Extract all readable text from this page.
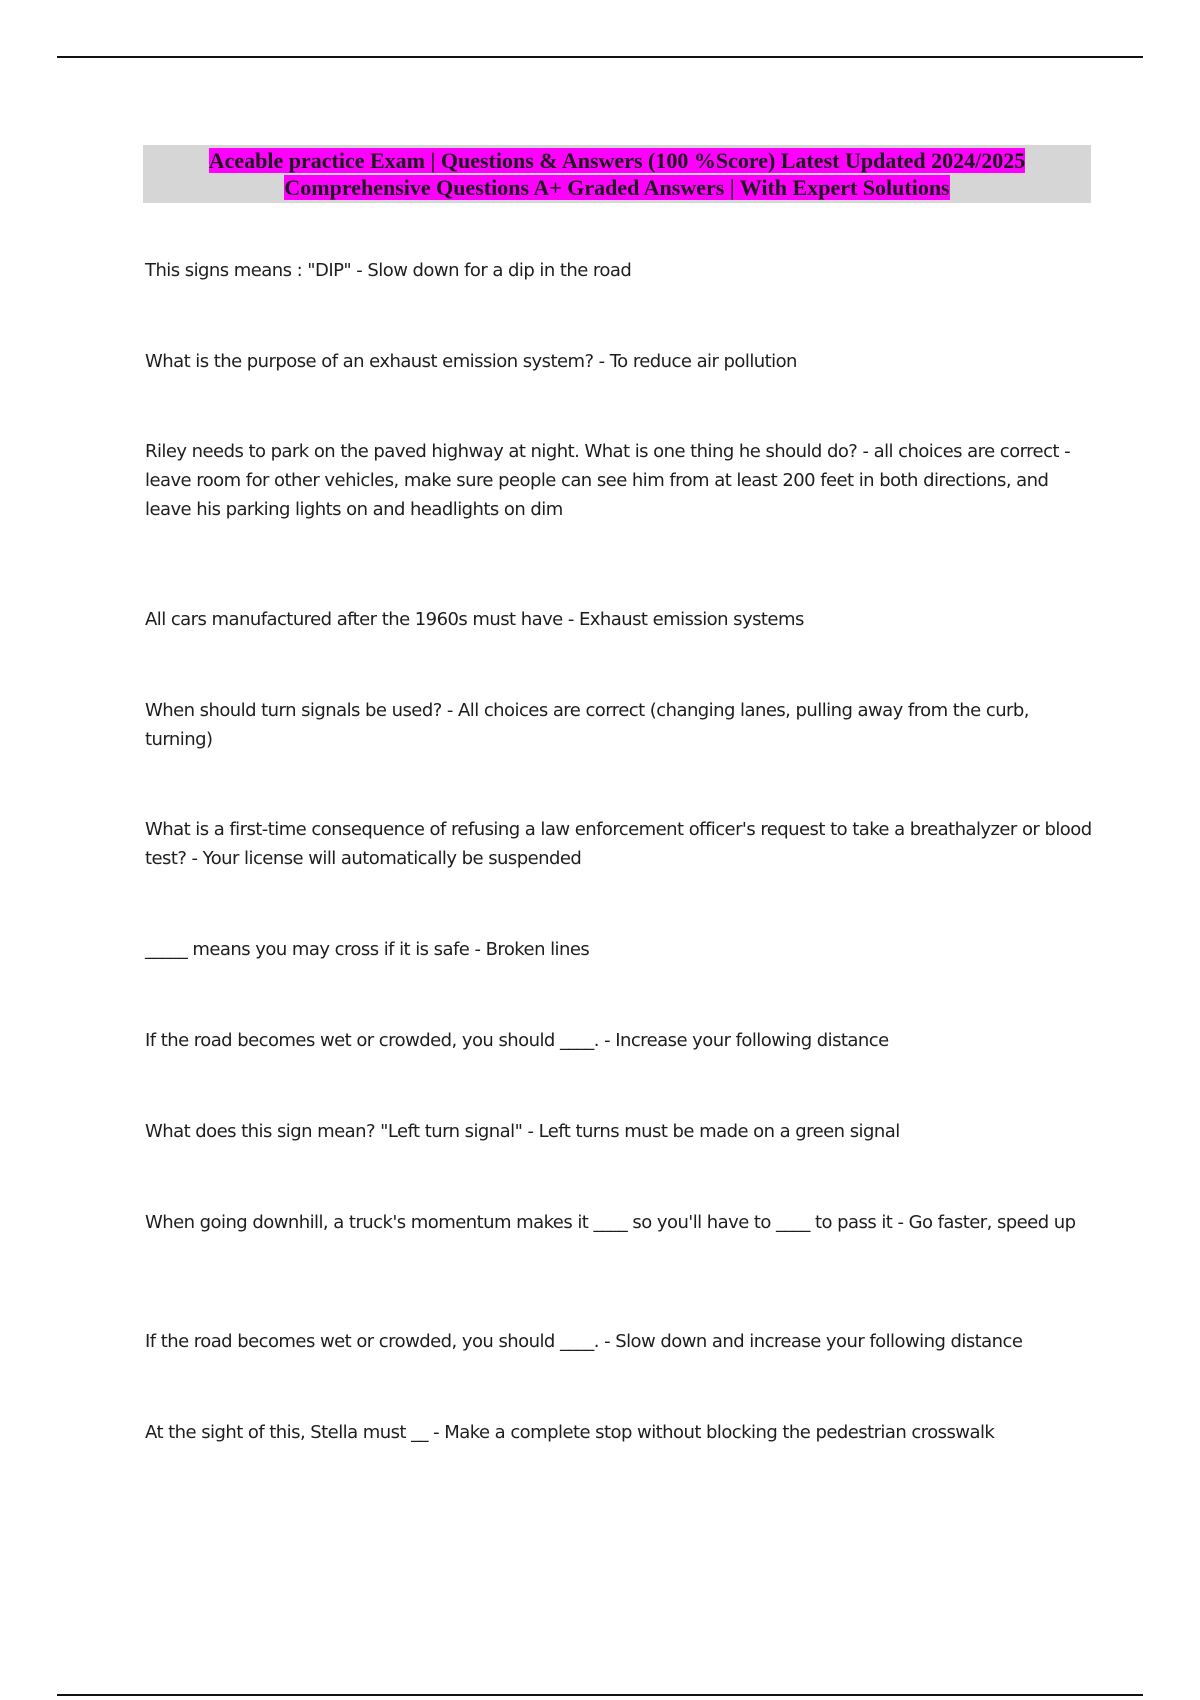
Aceable practice Exam | Questions & Answers (100 %Score) Latest Updated 2024/2025
Comprehensive Questions A+ Graded Answers | With Expert Solutions
This signs means : "DIP" - Slow down for a dip in the road
What is the purpose of an exhaust emission system? - To reduce air pollution
Riley needs to park on the paved highway at night. What is one thing he should do? - all choices are correct - leave room for other vehicles, make sure people can see him from at least 200 feet in both directions, and leave his parking lights on and headlights on dim
All cars manufactured after the 1960s must have - Exhaust emission systems
When should turn signals be used? - All choices are correct (changing lanes, pulling away from the curb, turning)
What is a first-time consequence of refusing a law enforcement officer's request to take a breathalyzer or blood test? - Your license will automatically be suspended
_____ means you may cross if it is safe - Broken lines
If the road becomes wet or crowded, you should ____. - Increase your following distance
What does this sign mean? "Left turn signal" - Left turns must be made on a green signal
When going downhill, a truck's momentum makes it ____ so you'll have to ____ to pass it - Go faster, speed up
If the road becomes wet or crowded, you should ____. - Slow down and increase your following distance
At the sight of this, Stella must __ - Make a complete stop without blocking the pedestrian crosswalk
